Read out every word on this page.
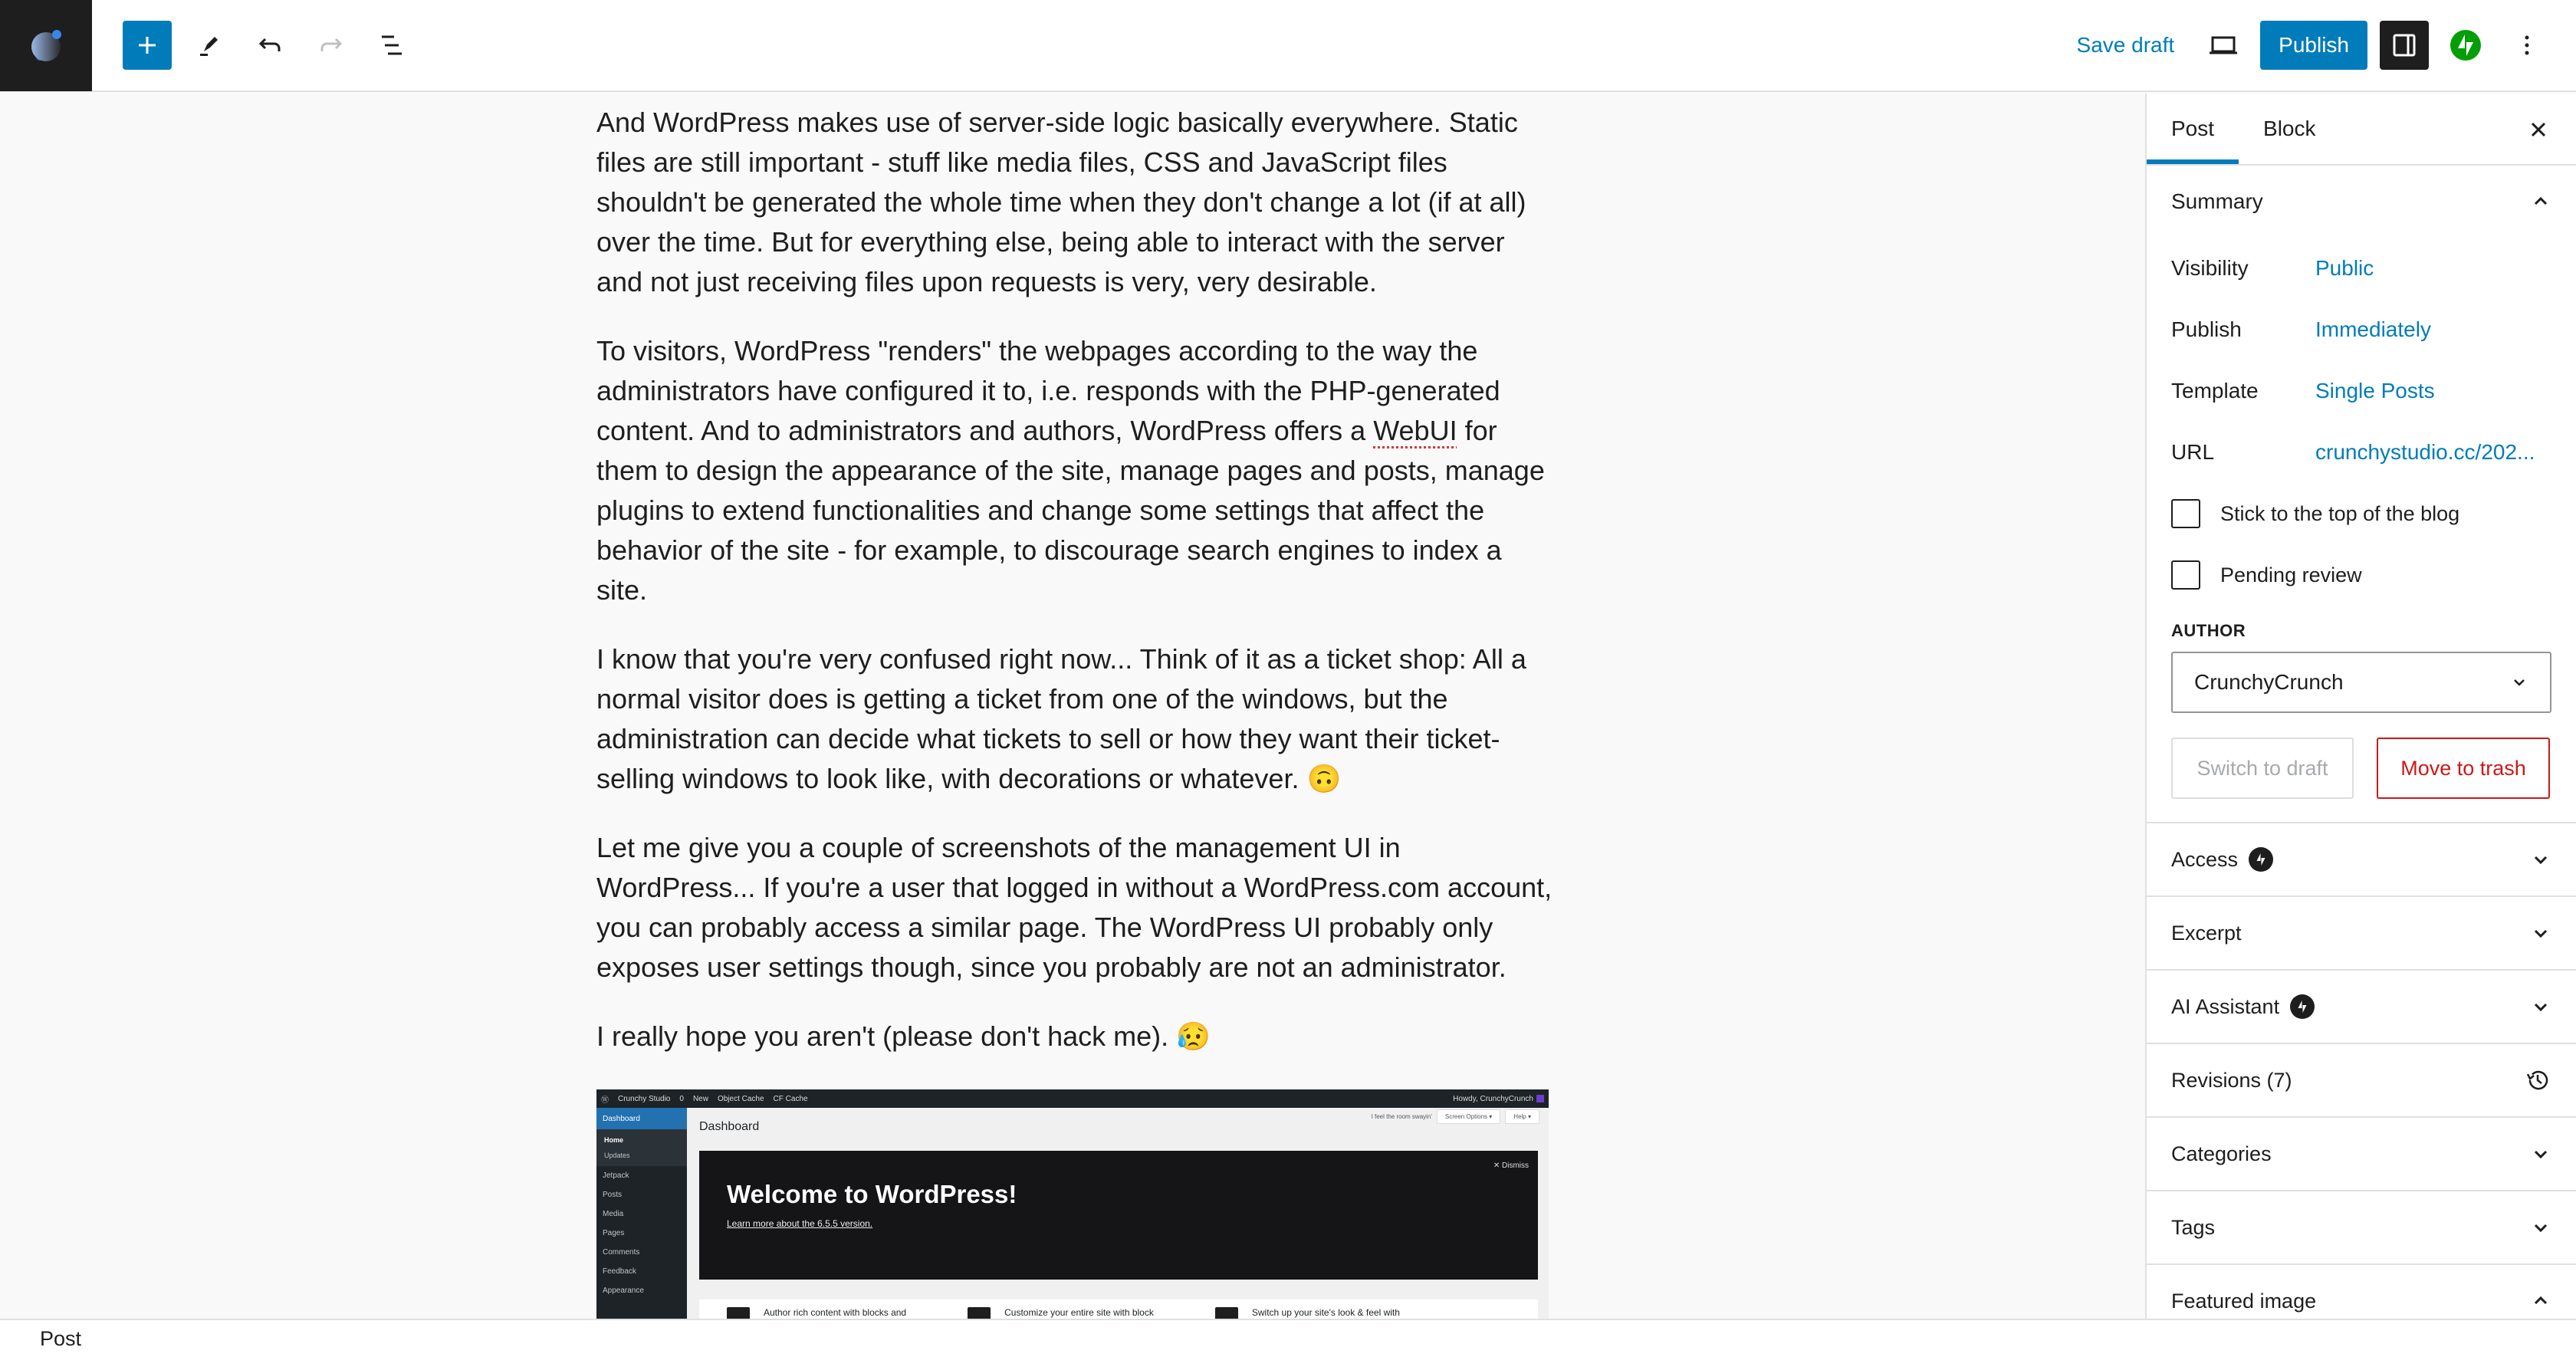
Save draft	Publish

And WordPress makes use of server-side logic basically everywhere. Static files are still important - stuff like media files, CSS and JavaScript files shouldn't be generated the whole time when they don't change a lot (if at all) over the time. But for everything else, being able to interact with the server and not just receiving files upon requests is very, very desirable.

To visitors, WordPress "renders" the webpages according to the way the administrators have configured it to, i.e. responds with the PHP-generated content. And to administrators and authors, WordPress offers a WebUI for them to design the appearance of the site, manage pages and posts, manage plugins to extend functionalities and change some settings that affect the behavior of the site - for example, to discourage search engines to index a site.

I know that you're very confused right now... Think of it as a ticket shop: All a normal visitor does is getting a ticket from one of the windows, but the administration can decide what tickets to sell or how they want their ticket-selling windows to look like, with decorations or whatever. 🙃

Let me give you a couple of screenshots of the management UI in WordPress... If you're a user that logged in without a WordPress.com account, you can probably access a similar page. The WordPress UI probably only exposes user settings though, since you probably are not an administrator.

I really hope you aren't (please don't hack me). 😥

Ⓦ Crunchy Studio 0 New Object Cache CF Cache	Howdy, CrunchyCrunch
Dashboard
Home
Updates
Jetpack
Posts
Media
Pages
Comments
Feedback
Appearance
Dashboard
I feel the room swayin'	Screen Options ▾	Help ▾
Welcome to WordPress!
Learn more about the 6.5.5 version.
✕ Dismiss
Author rich content with blocks and	Customize your entire site with block	Switch up your site's look & feel with
Post	Block
Summary
Visibility	Public
Publish	Immediately
Template	Single Posts
URL	crunchystudio.cc/202...
Stick to the top of the blog
Pending review
AUTHOR
CrunchyCrunch
Switch to draft	Move to trash
Access
Excerpt
AI Assistant
Revisions (7)
Categories
Tags
Featured image
Post
